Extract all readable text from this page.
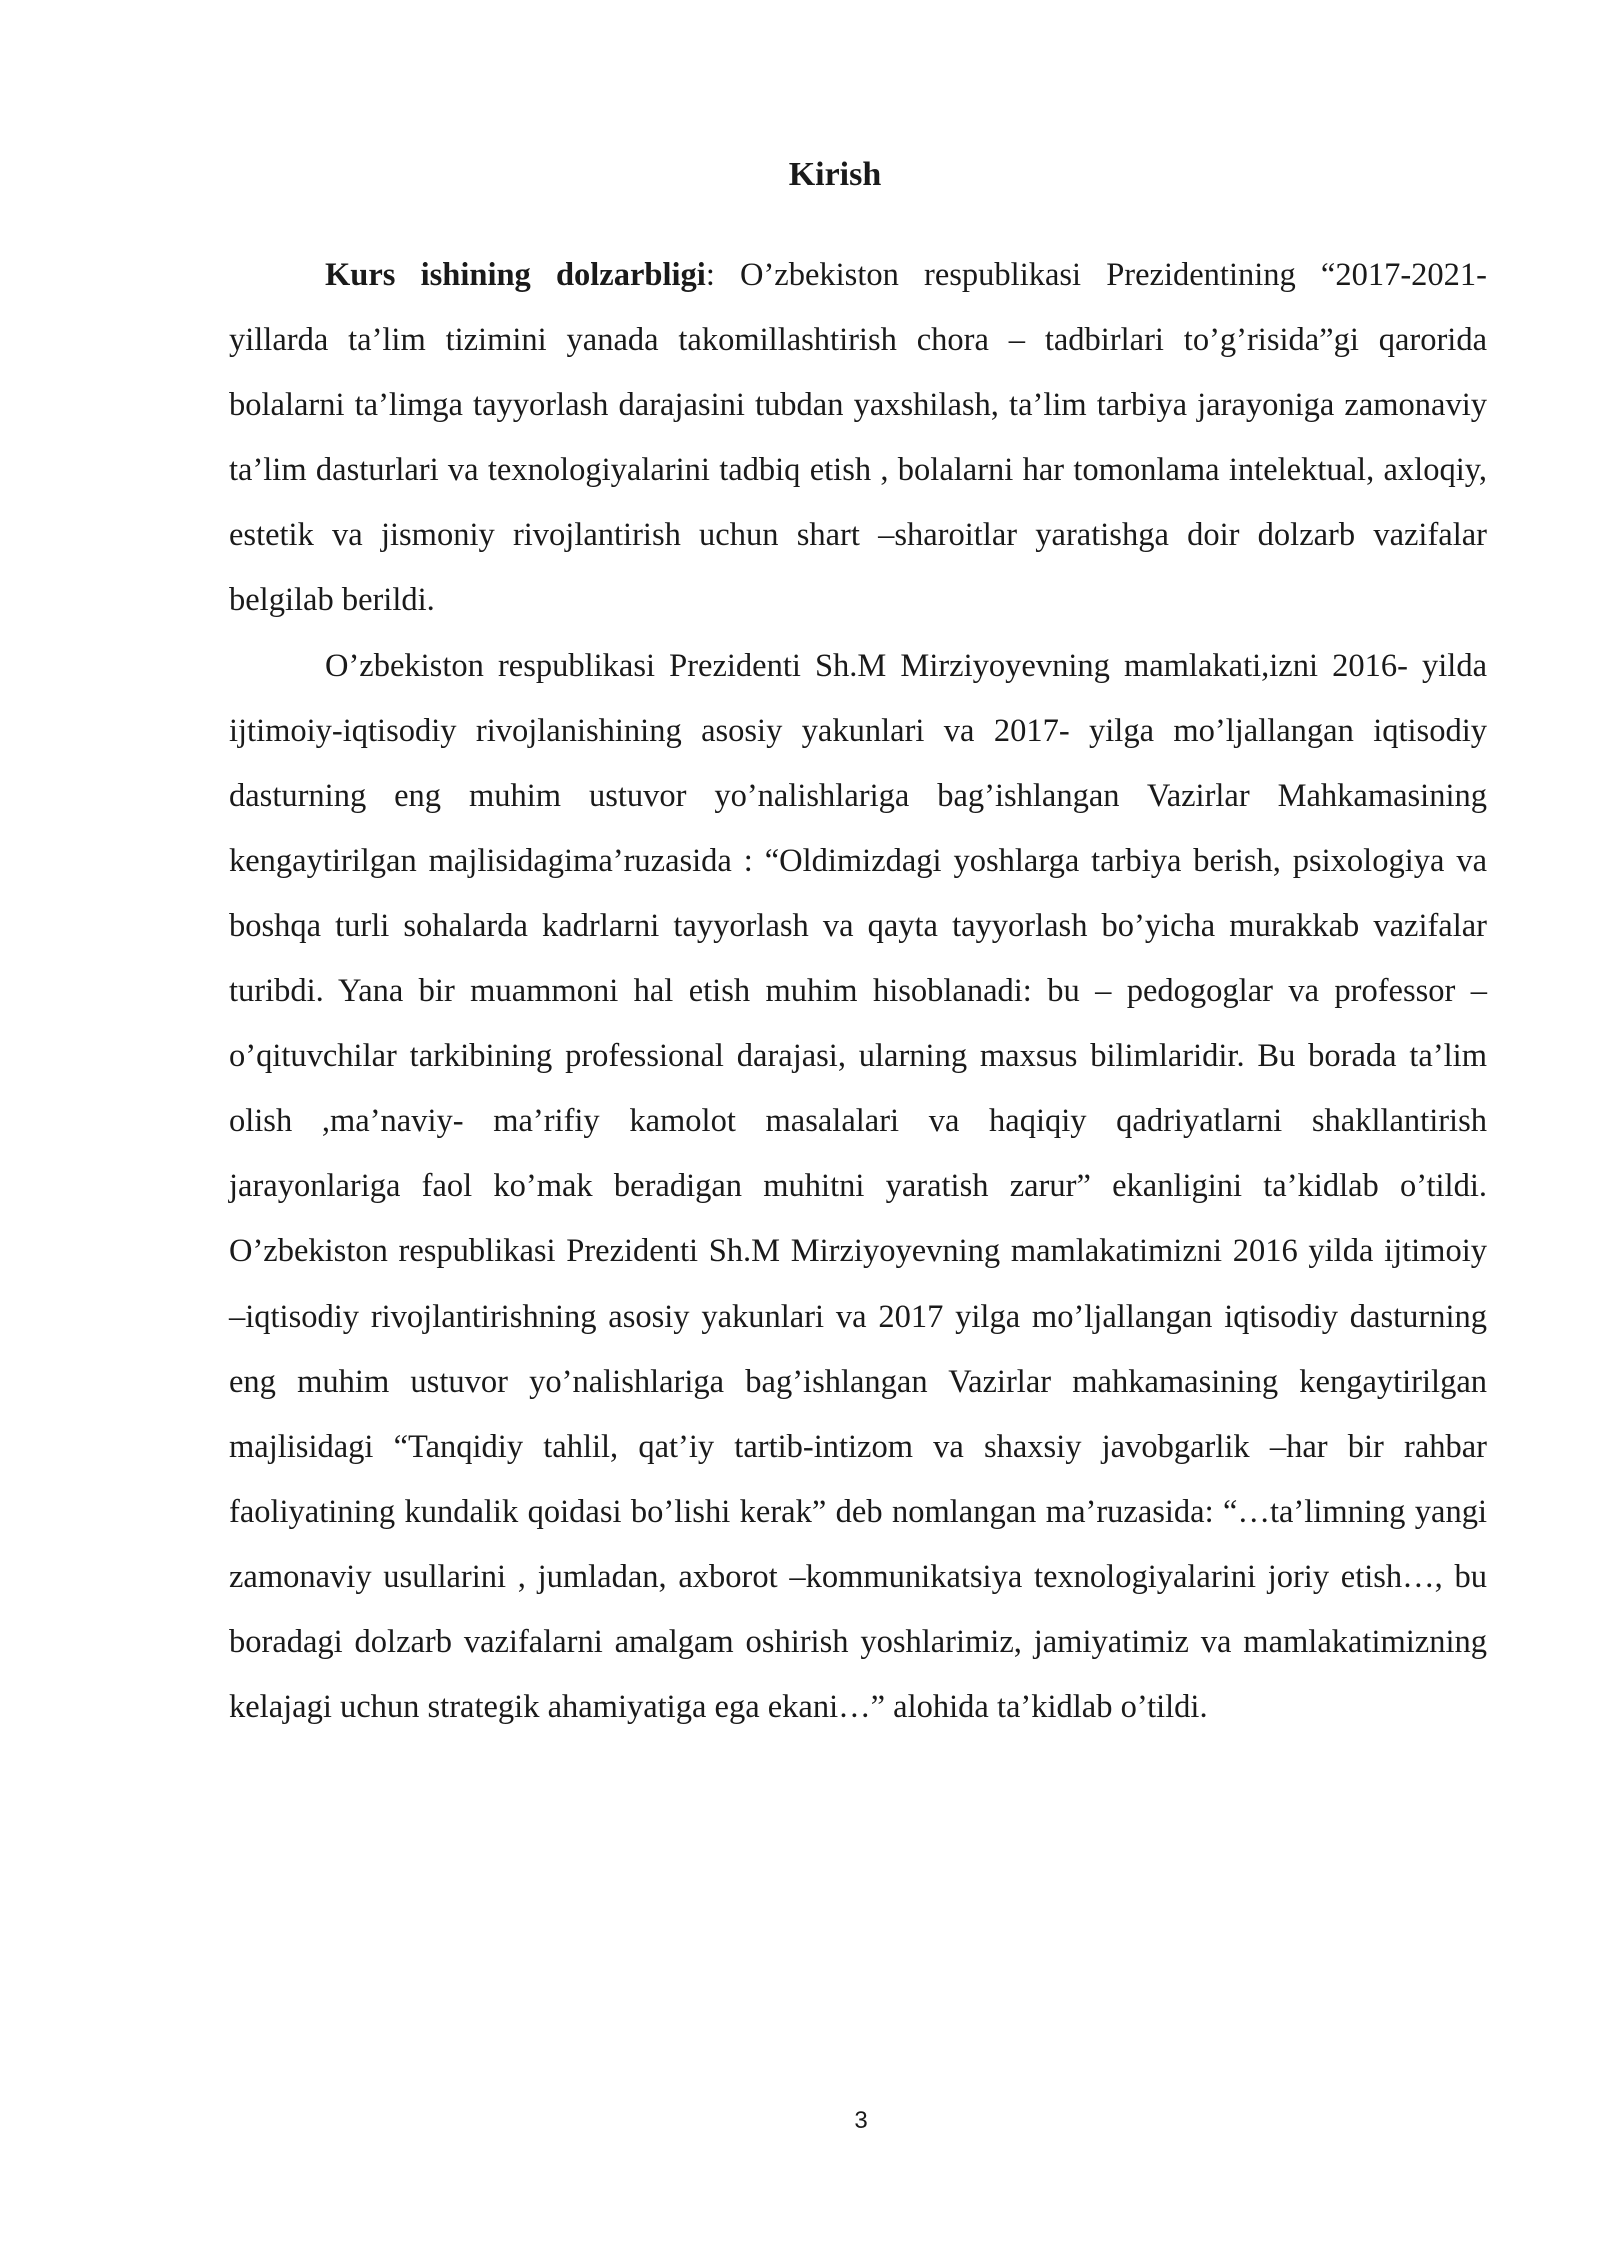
Kirish

Kurs ishining dolzarbligi: O’zbekiston respublikasi Prezidentining “2017-2021- yillarda ta’lim tizimini yanada takomillashtirish chora – tadbirlari to’g’risida”gi qarorida bolalarni ta’limga tayyorlash darajasini tubdan yaxshilash, ta’lim tarbiya jarayoniga zamonaviy ta’lim dasturlari va texnologiyalarini tadbiq etish , bolalarni har tomonlama intelektual, axloqiy, estetik va jismoniy rivojlantirish uchun shart –sharoitlar yaratishga doir dolzarb vazifalar belgilab berildi.

O’zbekiston respublikasi Prezidenti Sh.M Mirziyoyevning mamlakati,izni 2016- yilda ijtimoiy-iqtisodiy rivojlanishining asosiy yakunlari va 2017- yilga mo’ljallangan iqtisodiy dasturning eng muhim ustuvor yo’nalishlariga bag’ishlangan Vazirlar Mahkamasining kengaytirilgan majlisidagima’ruzasida : “Oldimizdagi yoshlarga tarbiya berish, psixologiya va boshqa turli sohalarda kadrlarni tayyorlash va qayta tayyorlash bo’yicha murakkab vazifalar turibdi. Yana bir muammoni hal etish muhim hisoblanadi: bu – pedogoglar va professor – o’qituvchilar tarkibining professional darajasi, ularning maxsus bilimlaridir. Bu borada ta’lim olish ,ma’naviy- ma’rifiy kamolot masalalari va haqiqiy qadriyatlarni shakllantirish jarayonlariga faol ko’mak beradigan muhitni yaratish zarur” ekanligini ta’kidlab o’tildi. O’zbekiston respublikasi Prezidenti Sh.M Mirziyoyevning mamlakatimizni 2016 yilda ijtimoiy –iqtisodiy rivojlantirishning asosiy yakunlari va 2017 yilga mo’ljallangan iqtisodiy dasturning eng muhim ustuvor yo’nalishlariga bag’ishlangan Vazirlar mahkamasining kengaytirilgan majlisidagi “Tanqidiy tahlil, qat’iy tartib-intizom va shaxsiy javobgarlik –har bir rahbar faoliyatining kundalik qoidasi bo’lishi kerak” deb nomlangan ma’ruzasida: “…ta’limning yangi zamonaviy usullarini , jumladan, axborot –kommunikatsiya texnologiyalarini joriy etish…, bu boradagi dolzarb vazifalarni amalgam oshirish yoshlarimiz, jamiyatimiz va mamlakatimizning kelajagi uchun strategik ahamiyatiga ega ekani…” alohida ta’kidlab o’tildi.

3
